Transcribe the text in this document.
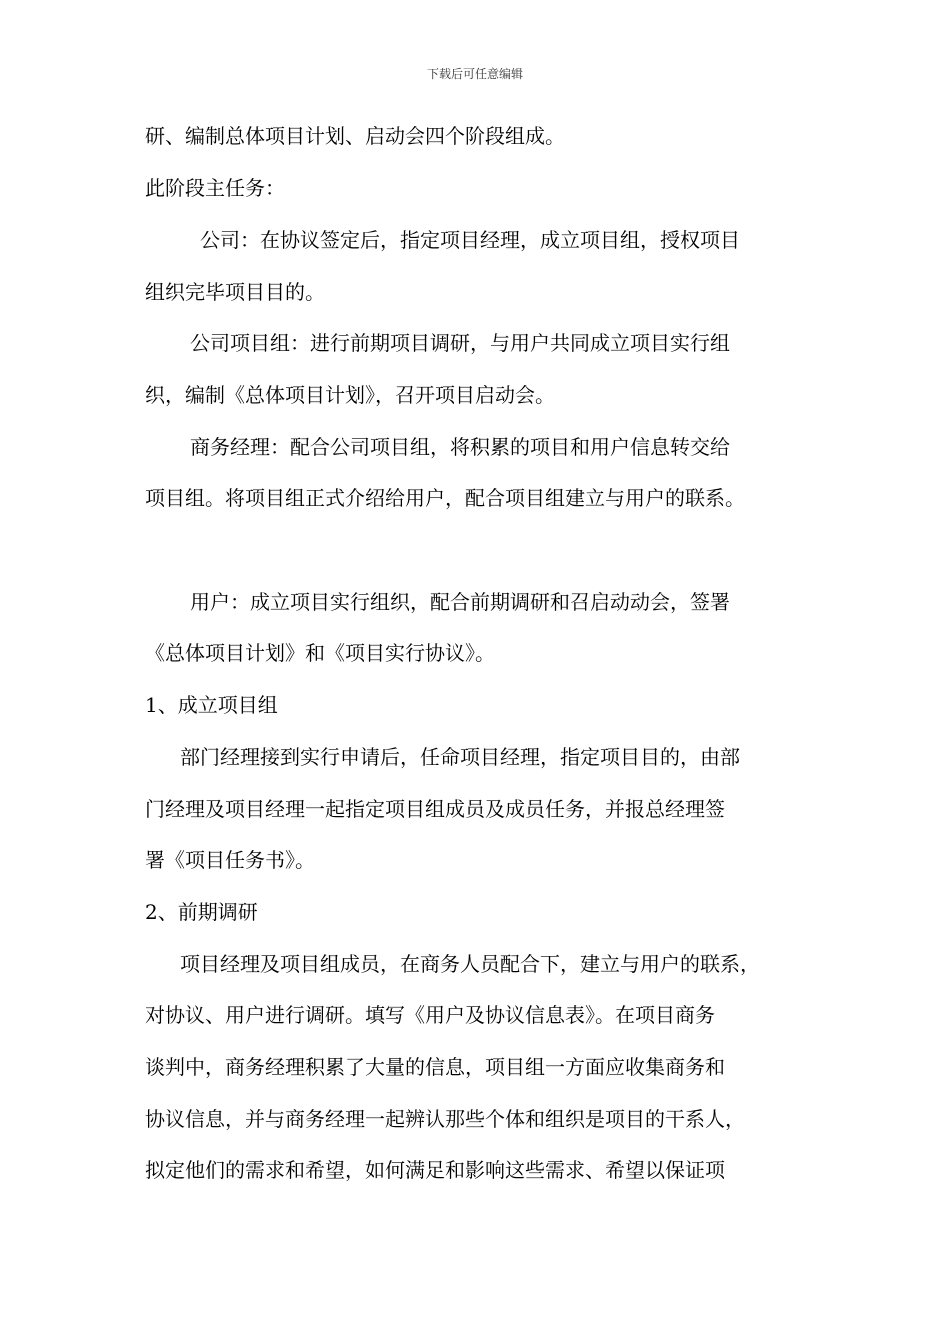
下载后可任意编辑
研、编制总体项目计划、启动会四个阶段组成。
此阶段主任务：
公司：在协议签定后，指定项目经理，成立项目组，授权项目
组织完毕项目目的。
公司项目组：进行前期项目调研，与用户共同成立项目实行组
织，编制《总体项目计划》，召开项目启动会。
商务经理：配合公司项目组，将积累的项目和用户信息转交给
项目组。将项目组正式介绍给用户，配合项目组建立与用户的联系。
用户：成立项目实行组织，配合前期调研和召启动动会，签署
《总体项目计划》和《项目实行协议》。
1、成立项目组
部门经理接到实行申请后，任命项目经理，指定项目目的，由部
门经理及项目经理一起指定项目组成员及成员任务，并报总经理签
署《项目任务书》。
2、前期调研
项目经理及项目组成员，在商务人员配合下，建立与用户的联系，
对协议、用户进行调研。填写《用户及协议信息表》。在项目商务
谈判中，商务经理积累了大量的信息，项目组一方面应收集商务和
协议信息，并与商务经理一起辨认那些个体和组织是项目的干系人，
拟定他们的需求和希望，如何满足和影响这些需求、希望以保证项
